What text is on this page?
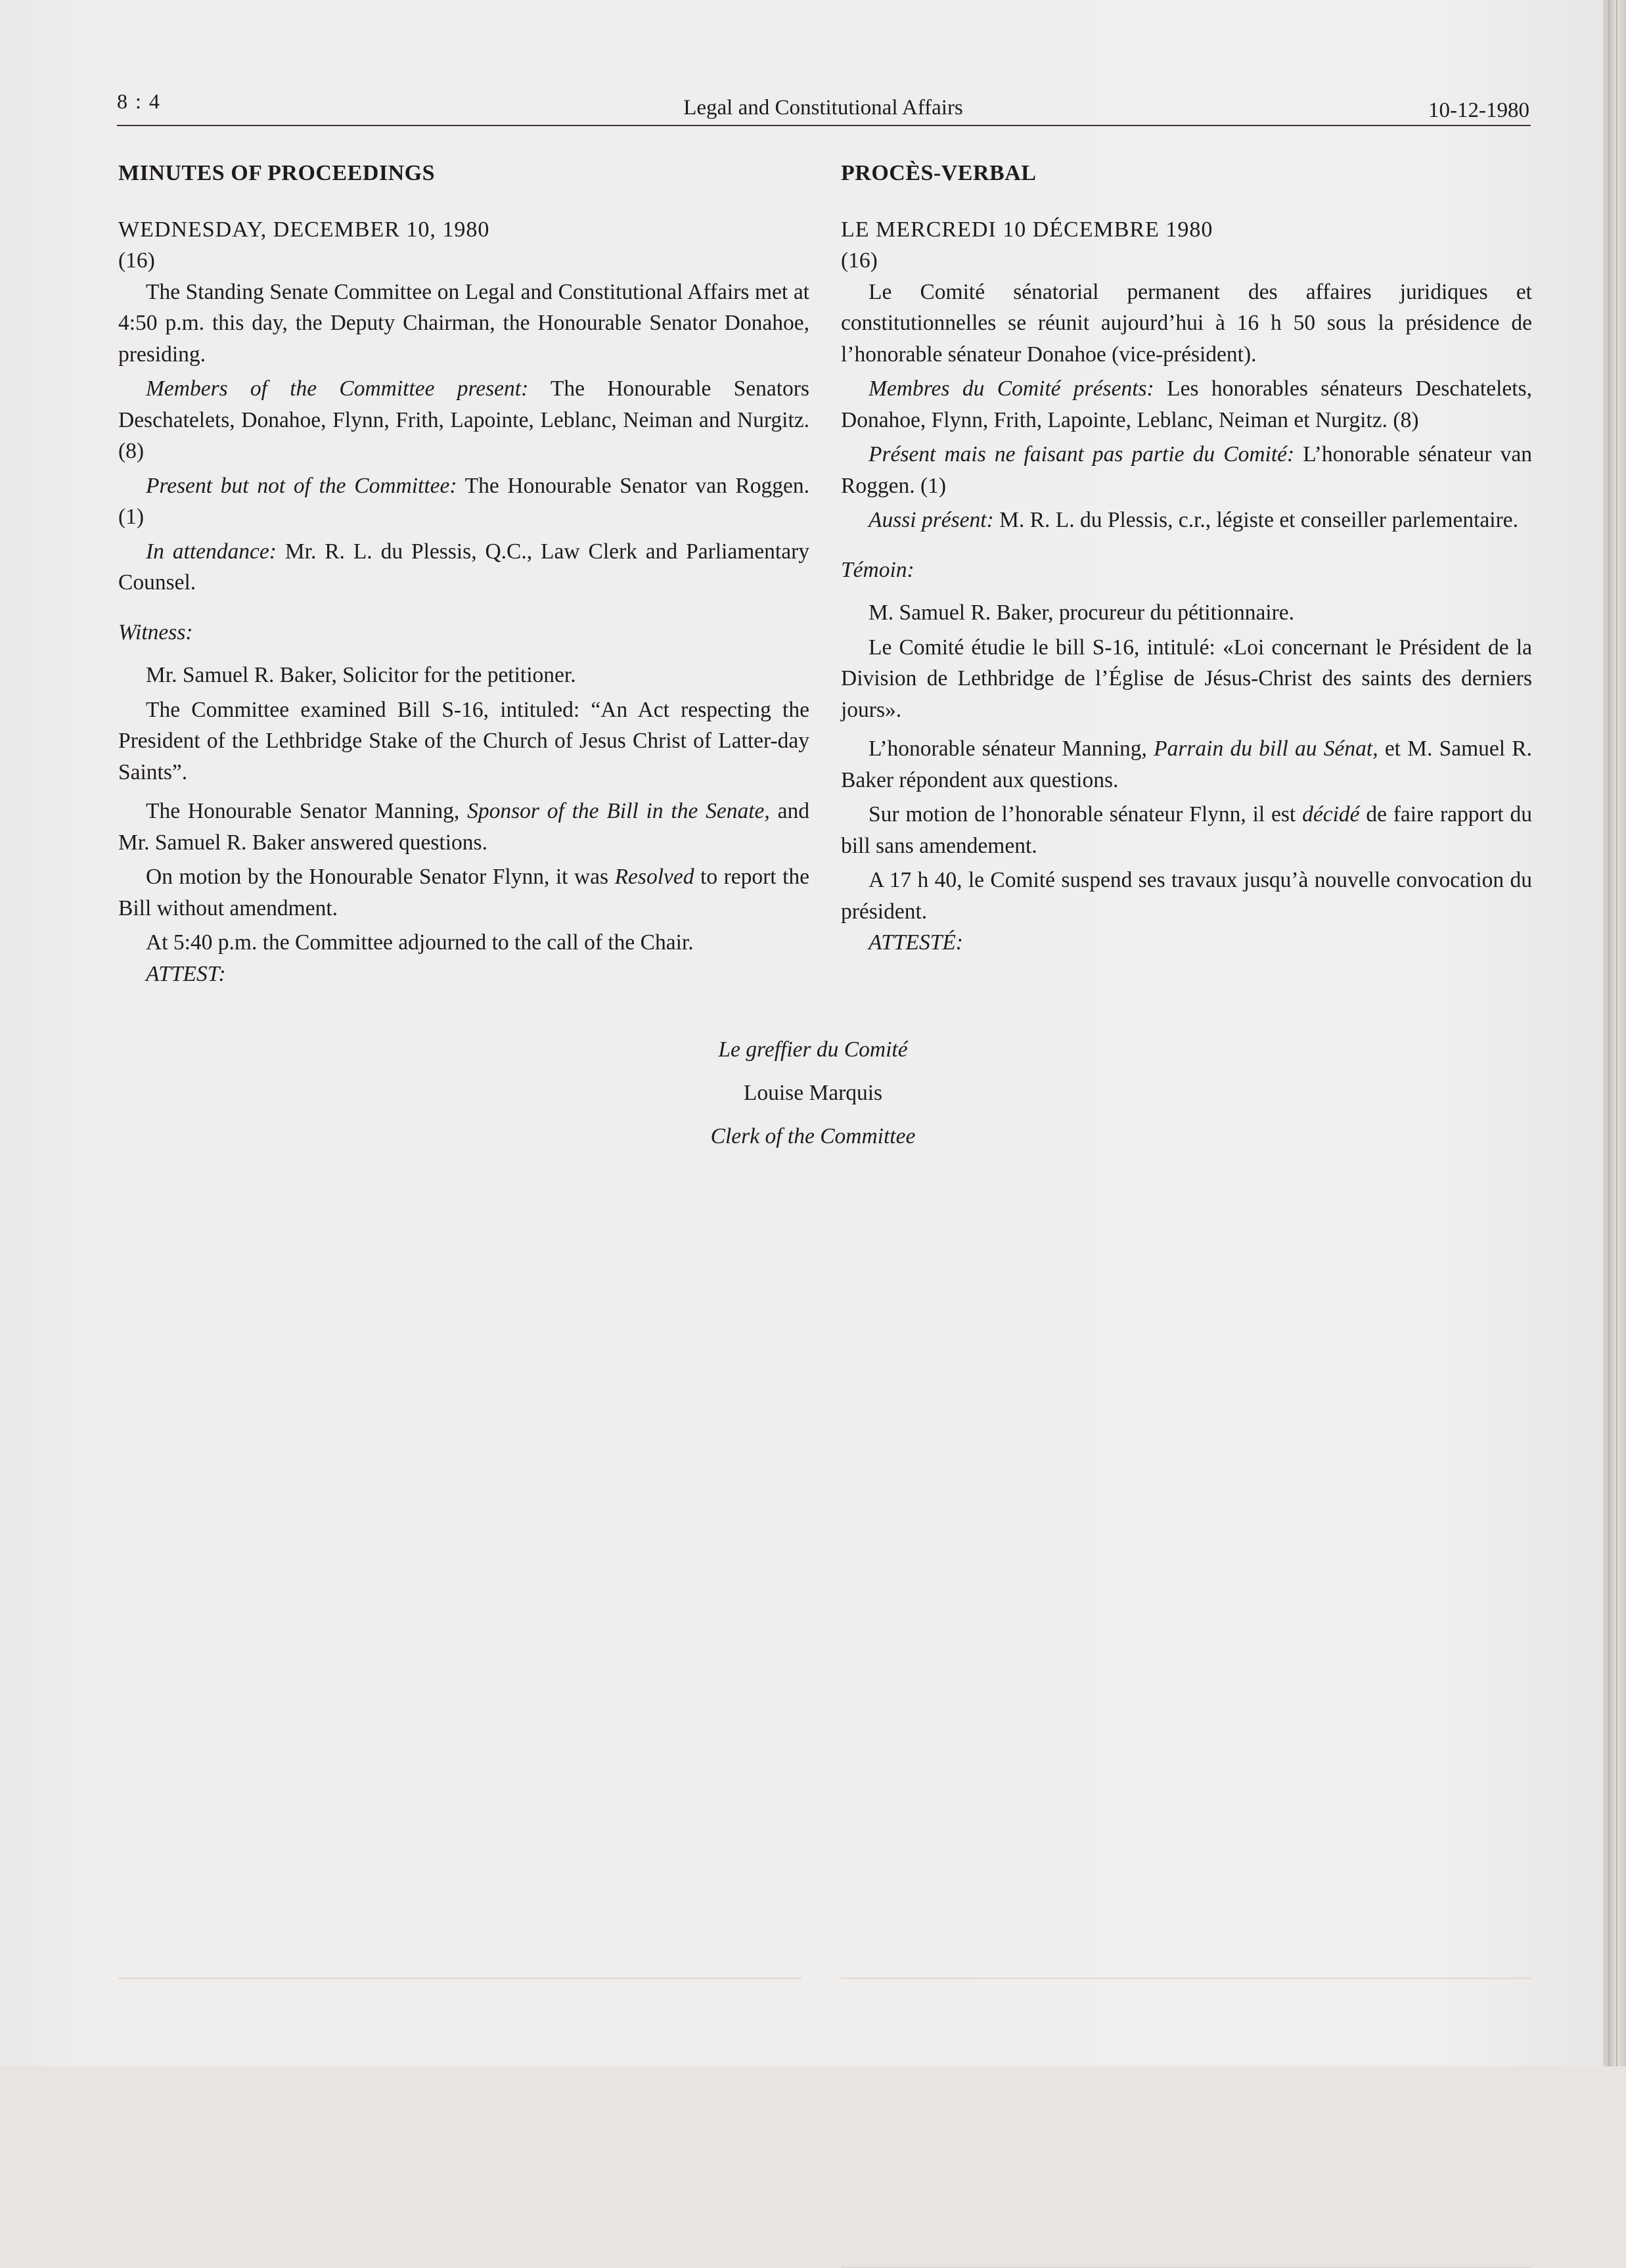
8 : 4	Legal and Constitutional Affairs	10-12-1980

MINUTES OF PROCEEDINGS

WEDNESDAY, DECEMBER 10, 1980

(16)

The Standing Senate Committee on Legal and Constitutional Affairs met at 4:50 p.m. this day, the Deputy Chairman, the Honourable Senator Donahoe, presiding.

Members of the Committee present: The Honourable Senators Deschatelets, Donahoe, Flynn, Frith, Lapointe, Leblanc, Neiman and Nurgitz. (8)

Present but not of the Committee: The Honourable Senator van Roggen. (1)

In attendance: Mr. R. L. du Plessis, Q.C., Law Clerk and Parliamentary Counsel.

Witness:

Mr. Samuel R. Baker, Solicitor for the petitioner.

The Committee examined Bill S-16, intituled: “An Act respecting the President of the Lethbridge Stake of the Church of Jesus Christ of Latter-day Saints”.

The Honourable Senator Manning, Sponsor of the Bill in the Senate, and Mr. Samuel R. Baker answered questions.

On motion by the Honourable Senator Flynn, it was Resolved to report the Bill without amendment.

At 5:40 p.m. the Committee adjourned to the call of the Chair.

ATTEST:

PROCÈS-VERBAL

LE MERCREDI 10 DÉCEMBRE 1980

(16)

Le Comité sénatorial permanent des affaires juridiques et constitutionnelles se réunit aujourd’hui à 16 h 50 sous la présidence de l’honorable sénateur Donahoe (vice-président).

Membres du Comité présents: Les honorables sénateurs Deschatelets, Donahoe, Flynn, Frith, Lapointe, Leblanc, Neiman et Nurgitz. (8)

Présent mais ne faisant pas partie du Comité: L’honorable sénateur van Roggen. (1)

Aussi présent: M. R. L. du Plessis, c.r., légiste et conseiller parlementaire.

Témoin:

M. Samuel R. Baker, procureur du pétitionnaire.

Le Comité étudie le bill S-16, intitulé: «Loi concernant le Président de la Division de Lethbridge de l’Église de Jésus-Christ des saints des derniers jours».

L’honorable sénateur Manning, Parrain du bill au Sénat, et M. Samuel R. Baker répondent aux questions.

Sur motion de l’honorable sénateur Flynn, il est décidé de faire rapport du bill sans amendement.

A 17 h 40, le Comité suspend ses travaux jusqu’à nouvelle convocation du président.

ATTESTÉ:

Le greffier du Comité
Louise Marquis
Clerk of the Committee
